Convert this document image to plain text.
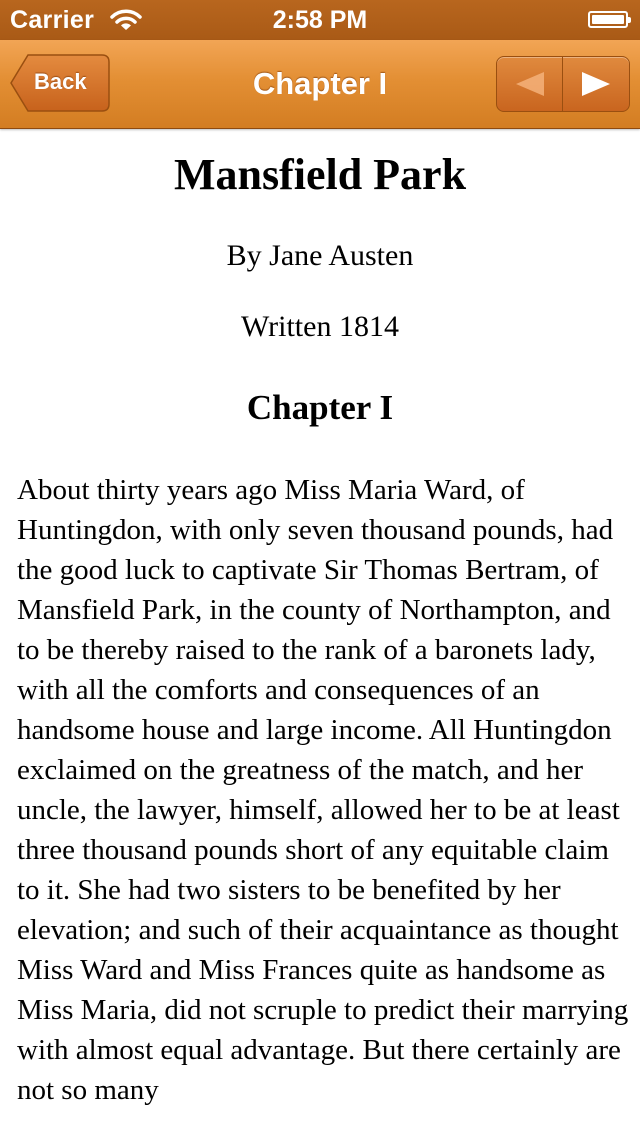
Carrier	2:58 PM
Back	Chapter I
Mansfield Park
By Jane Austen
Written 1814
Chapter I

About thirty years ago Miss Maria Ward, of Huntingdon, with only seven thousand pounds, had the good luck to captivate Sir Thomas Bertram, of Mansfield Park, in the county of Northampton, and to be thereby raised to the rank of a baronets lady, with all the comforts and consequences of an handsome house and large income. All Huntingdon exclaimed on the greatness of the match, and her uncle, the lawyer, himself, allowed her to be at least three thousand pounds short of any equitable claim to it. She had two sisters to be benefited by her elevation; and such of their acquaintance as thought Miss Ward and Miss Frances quite as handsome as Miss Maria, did not scruple to predict their marrying with almost equal advantage. But there certainly are not so many
